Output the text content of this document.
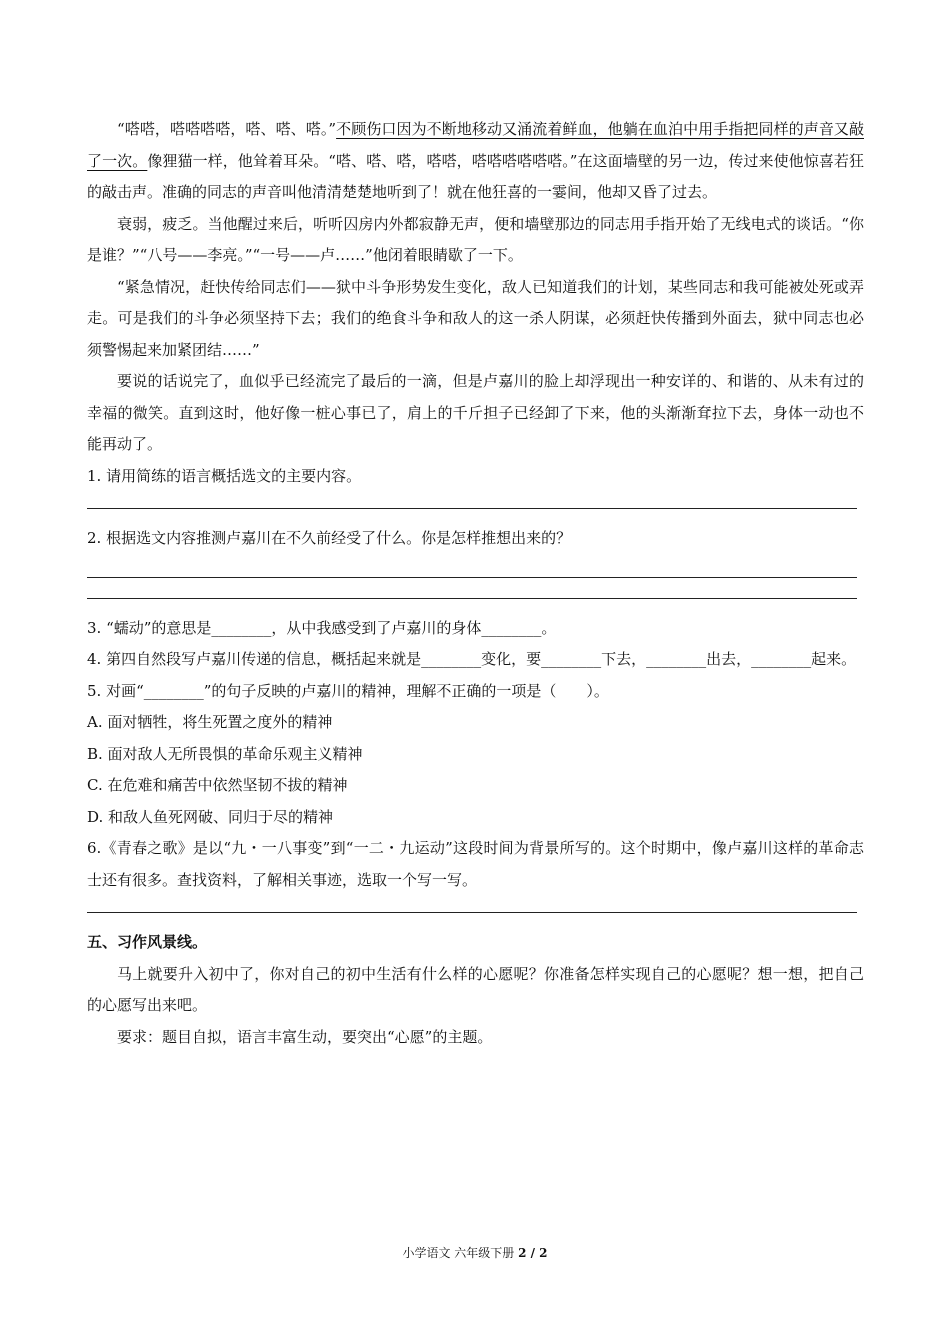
“嗒嗒，嗒嗒嗒嗒，嗒、嗒、嗒。”不顾伤口因为不断地移动又涌流着鲜血，他躺在血泊中用手指把同样的声音又敲了一次。像狸猫一样，他耸着耳朵。“嗒、嗒、嗒，嗒嗒，嗒嗒嗒嗒嗒嗒。”在这面墙壁的另一边，传过来使他惊喜若狂的敲击声。准确的同志的声音叫他清清楚楚地听到了！就在他狂喜的一霎间，他却又昏了过去。

衰弱，疲乏。当他醒过来后，听听囚房内外都寂静无声，便和墙壁那边的同志用手指开始了无线电式的谈话。“你是谁？”“八号——李亮。”“一号——卢……”他闭着眼睛歇了一下。

“紧急情况，赶快传给同志们——狱中斗争形势发生变化，敌人已知道我们的计划，某些同志和我可能被处死或弄走。可是我们的斗争必须坚持下去；我们的绝食斗争和敌人的这一杀人阴谋，必须赶快传播到外面去，狱中同志也必须警惕起来加紧团结……”

要说的话说完了，血似乎已经流完了最后的一滴，但是卢嘉川的脸上却浮现出一种安详的、和谐的、从未有过的幸福的微笑。直到这时，他好像一桩心事已了，肩上的千斤担子已经卸了下来，他的头渐渐耷拉下去，身体一动也不能再动了。

1. 请用简练的语言概括选文的主要内容。

2. 根据选文内容推测卢嘉川在不久前经受了什么。你是怎样推想出来的？

3. “蠕动”的意思是________，从中我感受到了卢嘉川的身体________。

4. 第四自然段写卢嘉川传递的信息，概括起来就是________变化，要________下去，________出去，________起来。

5. 对画“________”的句子反映的卢嘉川的精神，理解不正确的一项是（　　）。

A. 面对牺牲，将生死置之度外的精神

B. 面对敌人无所畏惧的革命乐观主义精神

C. 在危难和痛苦中依然坚韧不拔的精神

D. 和敌人鱼死网破、同归于尽的精神

6.《青春之歌》是以“九・一八事变”到“一二・九运动”这段时间为背景所写的。这个时期中，像卢嘉川这样的革命志士还有很多。查找资料，了解相关事迹，选取一个写一写。

五、习作风景线。

马上就要升入初中了，你对自己的初中生活有什么样的心愿呢？你准备怎样实现自己的心愿呢？想一想，把自己的心愿写出来吧。

要求：题目自拟，语言丰富生动，要突出“心愿”的主题。

小学语文 六年级下册 2 / 2
